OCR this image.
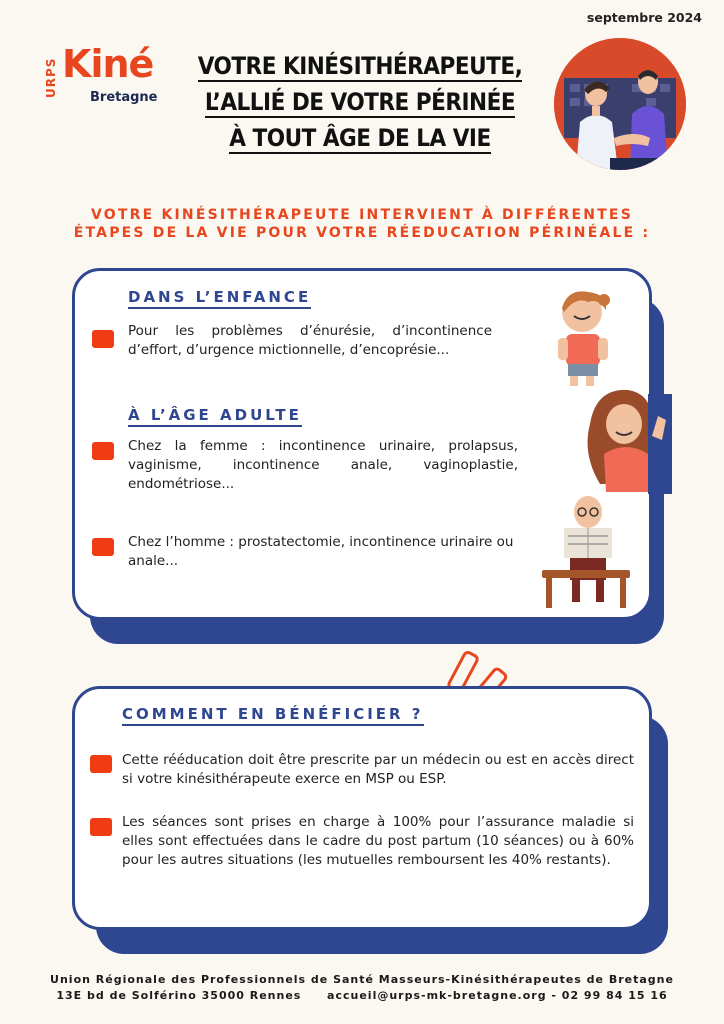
septembre 2024
URPS Kiné
Bretagne
VOTRE KINÉSITHÉRAPEUTE,
L’ALLIÉ DE VOTRE PÉRINÉE
À TOUT ÂGE DE LA VIE
VOTRE KINÉSITHÉRAPEUTE INTERVIENT À DIFFÉRENTES
ÉTAPES DE LA VIE POUR VOTRE RÉEDUCATION PÉRINÉALE :
DANS L’ENFANCE
Pour les problèmes d’énurésie, d’incontinence d’effort, d’urgence mictionnelle, d’encoprésie...
À L’ÂGE ADULTE
Chez la femme : incontinence urinaire, prolapsus, vaginisme, incontinence anale, vaginoplastie, endométriose...
Chez l’homme : prostatectomie, incontinence urinaire ou anale...
COMMENT EN BÉNÉFICIER ?
Cette rééducation doit être prescrite par un médecin ou est en accès direct si votre kinésithérapeute exerce en MSP ou ESP.
Les séances sont prises en charge à 100% pour l’assurance maladie si elles sont effectuées dans le cadre du post partum (10 séances) ou à 60% pour les autres situations (les mutuelles remboursent les 40% restants).
Union Régionale des Professionnels de Santé Masseurs-Kinésithérapeutes de Bretagne
13E bd de Solférino 35000 Rennes accueil@urps-mk-bretagne.org - 02 99 84 15 16
